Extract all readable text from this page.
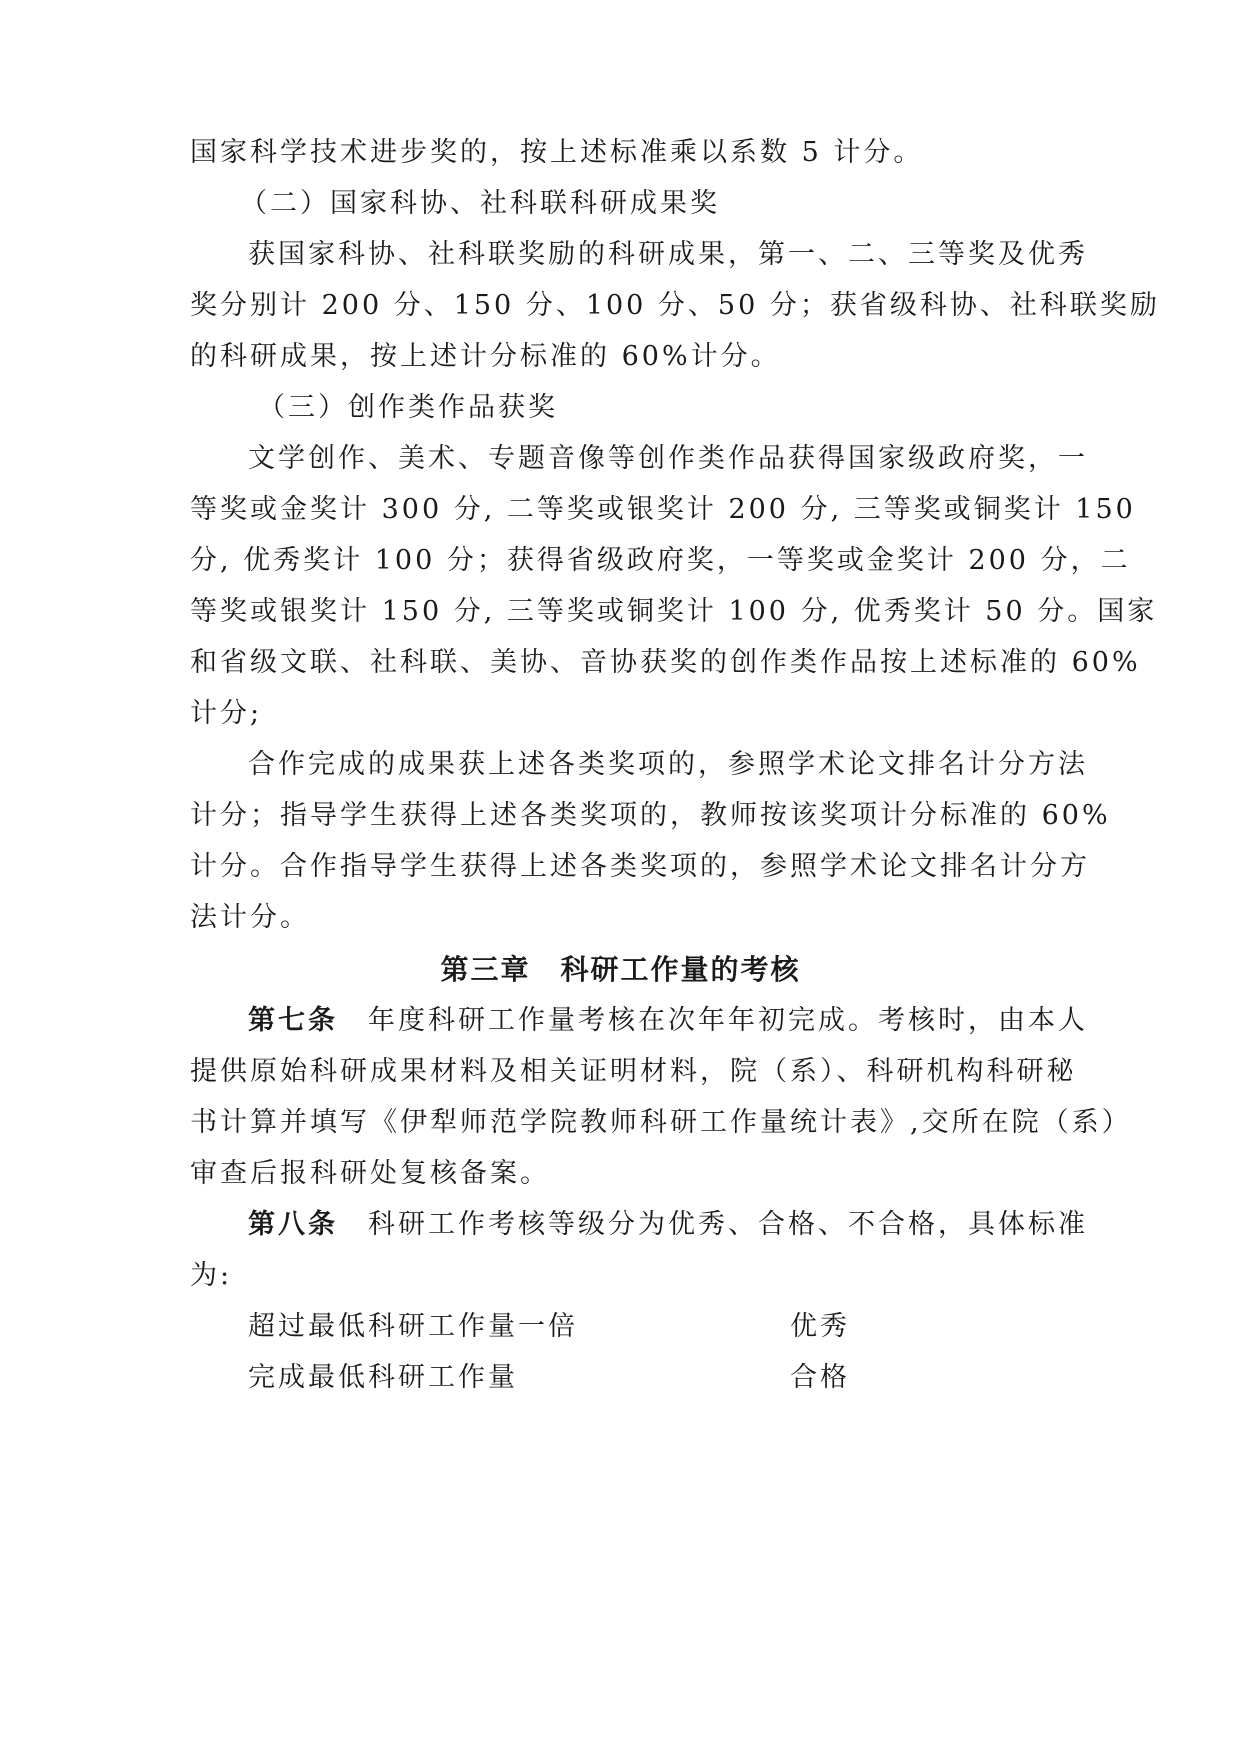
国家科学技术进步奖的，按上述标准乘以系数 5 计分。
（二）国家科协、社科联科研成果奖
获国家科协、社科联奖励的科研成果，第一、二、三等奖及优秀
奖分别计 200 分、150 分、100 分、50 分；获省级科协、社科联奖励
的科研成果，按上述计分标准的 60%计分。
（三）创作类作品获奖
文学创作、美术、专题音像等创作类作品获得国家级政府奖，一
等奖或金奖计 300 分, 二等奖或银奖计 200 分, 三等奖或铜奖计 150
分, 优秀奖计 100 分；获得省级政府奖，一等奖或金奖计 200 分，二
等奖或银奖计 150 分, 三等奖或铜奖计 100 分, 优秀奖计 50 分。国家
和省级文联、社科联、美协、音协获奖的创作类作品按上述标准的 60%
计分;
合作完成的成果获上述各类奖项的，参照学术论文排名计分方法
计分；指导学生获得上述各类奖项的，教师按该奖项计分标准的 60%
计分。合作指导学生获得上述各类奖项的，参照学术论文排名计分方
法计分。
第三章　科研工作量的考核
第七条　 年度科研工作量考核在次年年初完成。考核时，由本人
提供原始科研成果材料及相关证明材料，院（系）、科研机构科研秘
书计算并填写《伊犁师范学院教师科研工作量统计表》,交所在院（系）
审查后报科研处复核备案。
第八条　 科研工作考核等级分为优秀、合格、不合格，具体标准
为:
超过最低科研工作量一倍	优秀
完成最低科研工作量	合格
